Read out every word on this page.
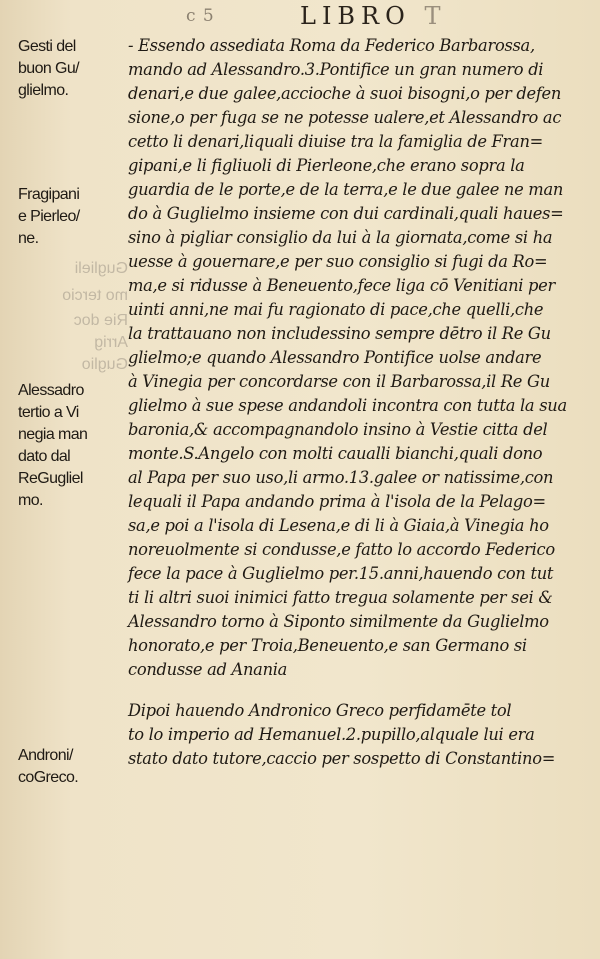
c 5	LIBRO T
Guglieli
mo tercio
Rie doc
Arrig
Guglio
Gesti del
buon Gu/
glielmo.
Fragipani
e Pierleo/
ne.
Alessadro
tertio a Vi
negia man
dato dal
ReGugliel
mo.
Androni/
coGreco.
- Essendo assediata Roma da Federico Barbarossa,
mando ad Alessandro.3.Pontifice un gran numero di
denari,e due galee,accioche à suoi bisogni,o per defen
sione,o per fuga se ne potesse ualere,et Alessandro ac
cetto li denari,liquali diuise tra la famiglia de Fran=
gipani,e li figliuoli di Pierleone,che erano sopra la
guardia de le porte,e de la terra,e le due galee ne man
do à Guglielmo insieme con dui cardinali,quali haues=
sino à pigliar consiglio da lui à la giornata,come si ha
uesse à gouernare,e per suo consiglio si fugi da Ro=
ma,e si ridusse à Beneuento,fece liga cō Venitiani per
uinti anni,ne mai fu ragionato di pace,che quelli,che
la trattauano non includessino sempre dētro il Re Gu
glielmo;e quando Alessandro Pontifice uolse andare
à Vinegia per concordarse con il Barbarossa,il Re Gu
glielmo à sue spese andandoli incontra con tutta la sua
baronia,& accompagnandolo insino à Vestie citta del
monte.S.Angelo con molti caualli bianchi,quali dono
al Papa per suo uso,li armo.13.galee or natissime,con
lequali il Papa andando prima à l'isola de la Pelago=
sa,e poi a l'isola di Lesena,e di li à Giaia,à Vinegia ho
noreuolmente si condusse,e fatto lo accordo Federico
fece la pace à Guglielmo per.15.anni,hauendo con tut
ti li altri suoi inimici fatto tregua solamente per sei &
Alessandro torno à Siponto similmente da Guglielmo
honorato,e per Troia,Beneuento,e san Germano si
condusse ad Anania
Dipoi hauendo Andronico Greco perfidamēte tol
to lo imperio ad Hemanuel.2.pupillo,alquale lui era
stato dato tutore,caccio per sospetto di Constantino=
